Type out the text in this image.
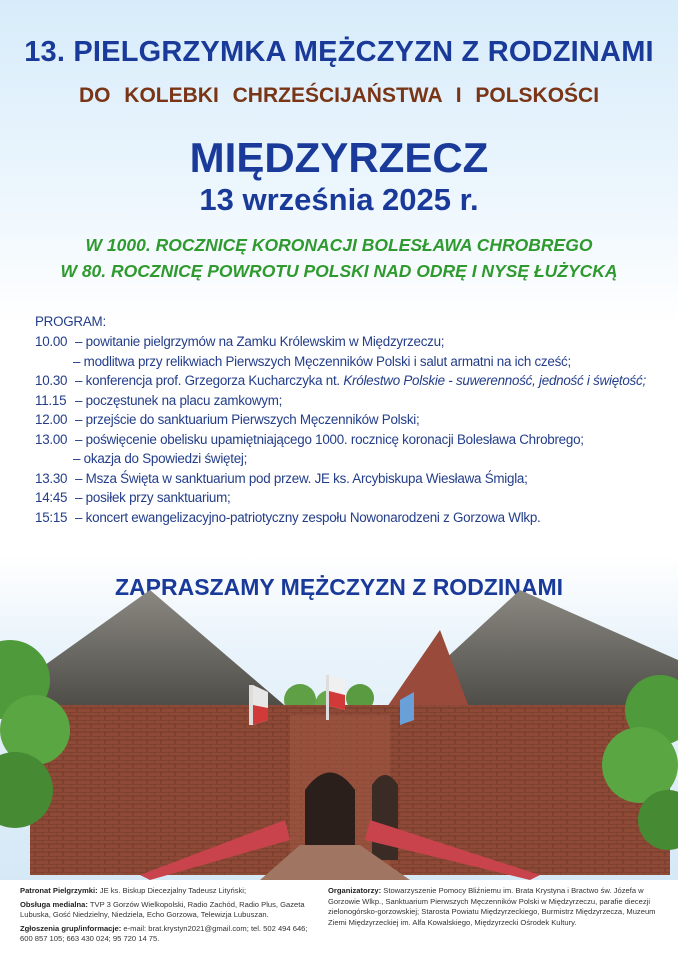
13. PIELGRZYMKA MĘŻCZYZN Z RODZINAMI

DO KOLEBKI CHRZEŚCIJAŃSTWA I POLSKOŚCI

MIĘDZYRZECZ

13 września 2025 r.

W 1000. ROCZNICĘ KORONACJI BOLESŁAWA CHROBREGO

W 80. ROCZNICĘ POWROTU POLSKI NAD ODRĘ I NYSĘ ŁUŻYCKĄ

PROGRAM:
10.00	– powitanie pielgrzymów na Zamku Królewskim w Międzyrzeczu;
– modlitwa przy relikwiach Pierwszych Męczenników Polski i salut armatni na ich cześć;
10.30	– konferencja prof. Grzegorza Kucharczyka nt. Królestwo Polskie - suwerenność, jedność i świętość;
11.15	– poczęstunek na placu zamkowym;
12.00	– przejście do sanktuarium Pierwszych Męczenników Polski;
13.00	– poświęcenie obelisku upamiętniającego 1000. rocznicę koronacji Bolesława Chrobrego;
– okazja do Spowiedzi świętej;
13.30	– Msza Święta w sanktuarium pod przew. JE ks. Arcybiskupa Wiesława Śmigla;
14:45	– posiłek przy sanktuarium;
15:15	– koncert ewangelizacyjno-patriotyczny zespołu Nowonarodzeni z Gorzowa Wlkp.

ZAPRASZAMY MĘŻCZYZN Z RODZINAMI

Patronat Pielgrzymki: JE ks. Biskup Diecezjalny Tadeusz Lityński;

Obsługa medialna: TVP 3 Gorzów Wielkopolski, Radio Zachód, Radio Plus, Gazeta Lubuska, Gość Niedzielny, Niedziela, Echo Gorzowa, Telewizja Lubuszan.

Zgłoszenia grup/informacje: e-mail: brat.krystyn2021@gmail.com; tel. 502 494 646; 600 857 105; 663 430 024; 95 720 14 75.

Organizatorzy: Stowarzyszenie Pomocy Bliźniemu im. Brata Krystyna i Bractwo św. Józefa w Gorzowie Wlkp., Sanktuarium Pierwszych Męczenników Polski w Międzyrzeczu, parafie diecezji zielonogórsko-gorzowskiej; Starosta Powiatu Międzyrzeckiego, Burmistrz Międzyrzecza, Muzeum Ziemi Międzyrzeckiej im. Alfa Kowalskiego, Międzyrzecki Ośrodek Kultury.
